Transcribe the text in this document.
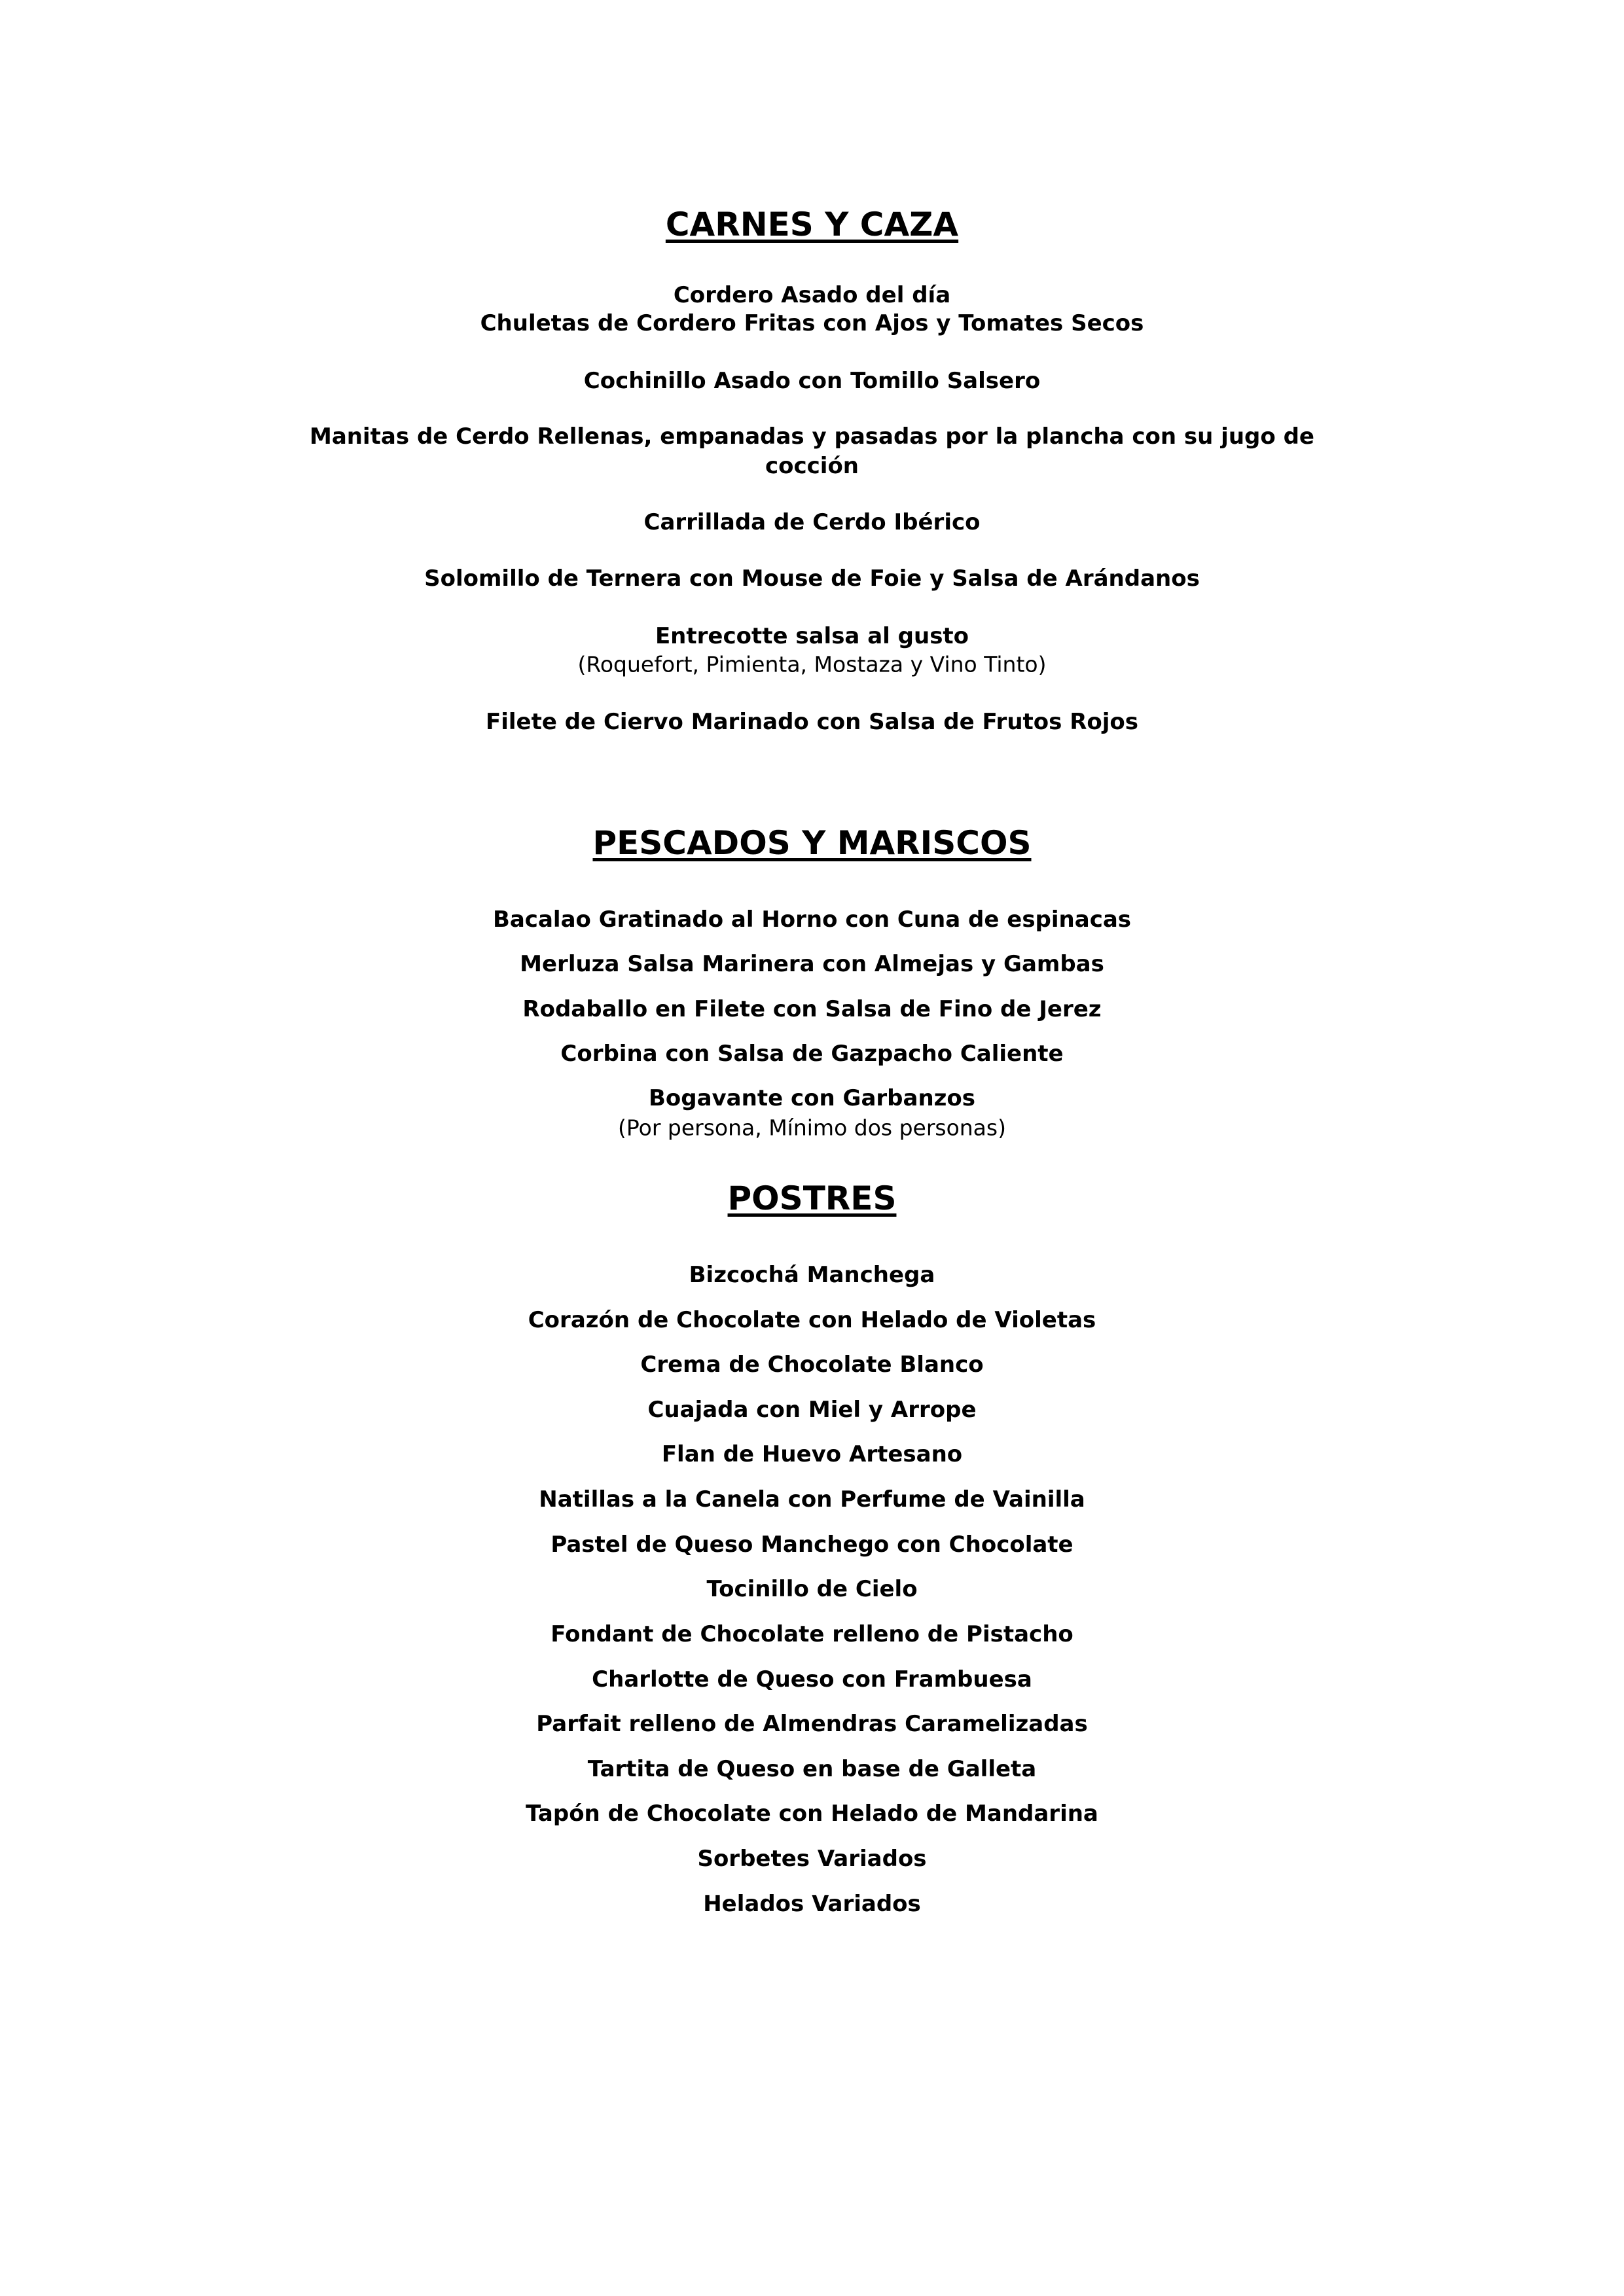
CARNES Y CAZA
Cordero Asado del día
Chuletas de Cordero Fritas con Ajos y Tomates Secos
Cochinillo Asado con Tomillo Salsero
Manitas de Cerdo Rellenas, empanadas y pasadas por la plancha con su jugo de
cocción
Carrillada de Cerdo Ibérico
Solomillo de Ternera con Mouse de Foie y Salsa de Arándanos
Entrecotte salsa al gusto
(Roquefort, Pimienta, Mostaza y Vino Tinto)
Filete de Ciervo Marinado con Salsa de Frutos Rojos
PESCADOS Y MARISCOS
Bacalao Gratinado al Horno con Cuna de espinacas
Merluza Salsa Marinera con Almejas y Gambas
Rodaballo en Filete con Salsa de Fino de Jerez
Corbina con Salsa de Gazpacho Caliente
Bogavante con Garbanzos
(Por persona, Mínimo dos personas)
POSTRES
Bizcochá Manchega
Corazón de Chocolate con Helado de Violetas
Crema de Chocolate Blanco
Cuajada con Miel y Arrope
Flan de Huevo Artesano
Natillas a la Canela con Perfume de Vainilla
Pastel de Queso Manchego con Chocolate
Tocinillo de Cielo
Fondant de Chocolate relleno de Pistacho
Charlotte de Queso con Frambuesa
Parfait relleno de Almendras Caramelizadas
Tartita de Queso en base de Galleta
Tapón de Chocolate con Helado de Mandarina
Sorbetes Variados
Helados Variados
